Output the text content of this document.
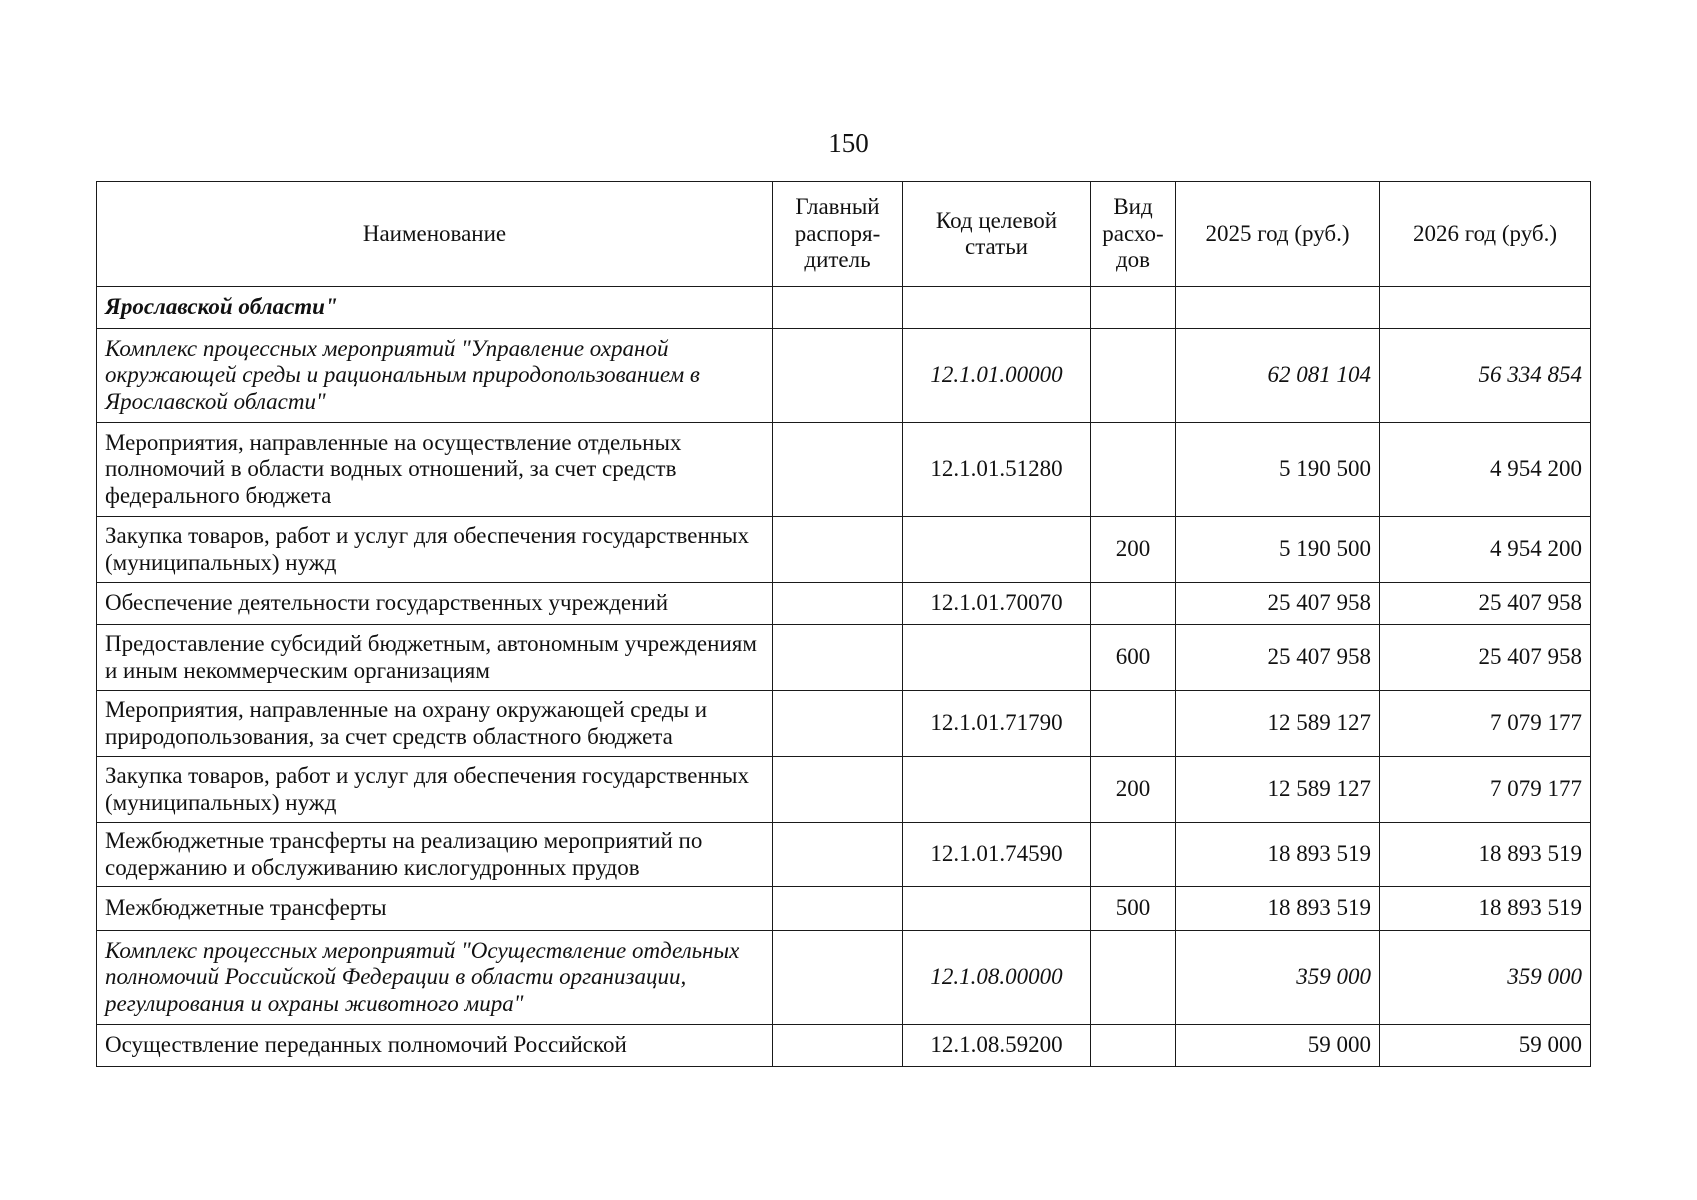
150
Наименование	Главный распоря-дитель	Код целевой статьи	Вид расхо-дов	2025 год (руб.)	2026 год (руб.)
Ярославской области"					
Комплекс процессных мероприятий "Управление охраной окружающей среды и рациональным природопользованием в Ярославской области"		12.1.01.00000		62 081 104	56 334 854
Мероприятия, направленные на осуществление отдельных полномочий в области водных отношений, за счет средств федерального бюджета		12.1.01.51280		5 190 500	4 954 200
Закупка товаров, работ и услуг для обеспечения государственных (муниципальных) нужд			200	5 190 500	4 954 200
Обеспечение деятельности государственных учреждений		12.1.01.70070		25 407 958	25 407 958
Предоставление субсидий бюджетным, автономным учреждениям и иным некоммерческим организациям			600	25 407 958	25 407 958
Мероприятия, направленные на охрану окружающей среды и природопользования, за счет средств областного бюджета		12.1.01.71790		12 589 127	7 079 177
Закупка товаров, работ и услуг для обеспечения государственных (муниципальных) нужд			200	12 589 127	7 079 177
Межбюджетные трансферты на реализацию мероприятий по содержанию и обслуживанию кислогудронных прудов		12.1.01.74590		18 893 519	18 893 519
Межбюджетные трансферты			500	18 893 519	18 893 519
Комплекс процессных мероприятий "Осуществление отдельных полномочий Российской Федерации в области организации, регулирования и охраны животного мира"		12.1.08.00000		359 000	359 000
Осуществление переданных полномочий Российской		12.1.08.59200		59 000	59 000
